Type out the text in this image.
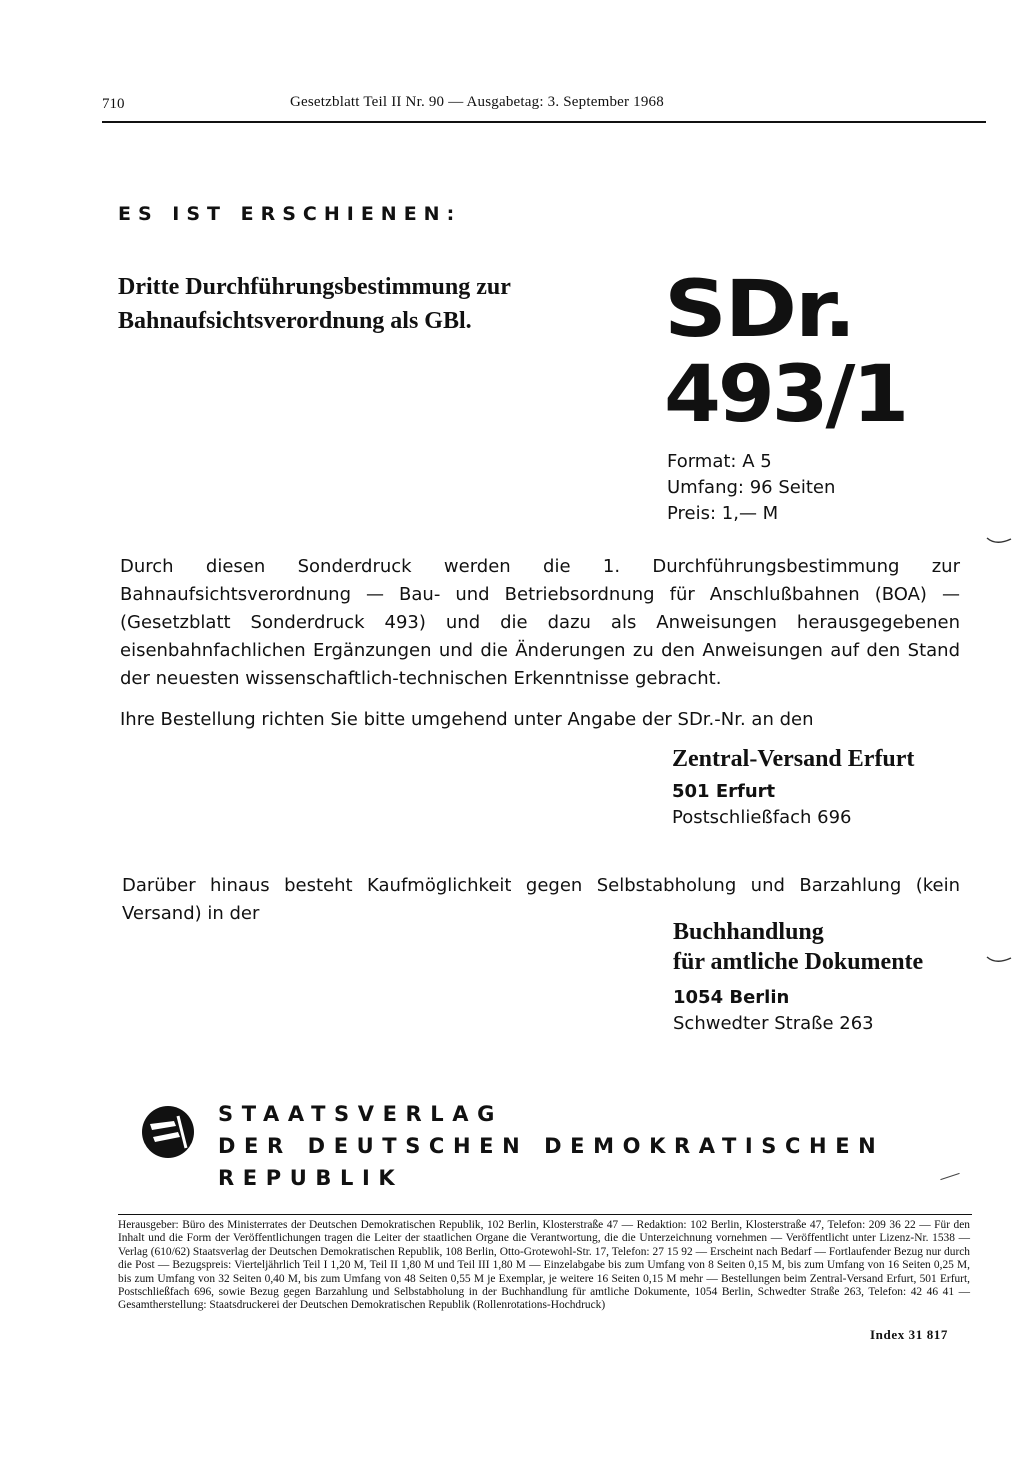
710	Gesetzblatt Teil II Nr. 90 — Ausgabetag: 3. September 1968
ES IST ERSCHIENEN:
Dritte Durchführungsbestimmung zur
Bahnaufsichtsverordnung als GBl.	SDr.
493/1
Format: A 5
Umfang: 96 Seiten
Preis: 1,— M

Durch diesen Sonderdruck werden die 1. Durchführungsbestimmung zur Bahnaufsichtsverordnung — Bau- und Betriebsordnung für Anschlußbahnen (BOA) — (Gesetzblatt Sonderdruck 493) und die dazu als Anweisungen herausgegebenen eisenbahnfachlichen Ergänzungen und die Änderungen zu den Anweisungen auf den Stand der neuesten wissenschaftlich-technischen Erkenntnisse gebracht.

Ihre Bestellung richten Sie bitte umgehend unter Angabe der SDr.-Nr. an den

Zentral-Versand Erfurt
501 Erfurt
Postschließfach 696

Darüber hinaus besteht Kaufmöglichkeit gegen Selbstabholung und Barzahlung (kein Versand) in der

Buchhandlung
für amtliche Dokumente
1054 Berlin
Schwedter Straße 263
STAATSVERLAG
DER DEUTSCHEN DEMOKRATISCHEN REPUBLIK

Herausgeber: Büro des Ministerrates der Deutschen Demokratischen Republik, 102 Berlin, Klosterstraße 47 — Redaktion: 102 Berlin, Klosterstraße 47, Telefon: 209 36 22 — Für den Inhalt und die Form der Veröffentlichungen tragen die Leiter der staatlichen Organe die Verantwortung, die die Unterzeichnung vornehmen — Veröffentlicht unter Lizenz-Nr. 1538 — Verlag (610/62) Staatsverlag der Deutschen Demokratischen Republik, 108 Berlin, Otto-Grotewohl-Str. 17, Telefon: 27 15 92 — Erscheint nach Bedarf — Fortlaufender Bezug nur durch die Post — Bezugspreis: Vierteljährlich Teil I 1,20 M, Teil II 1,80 M und Teil III 1,80 M — Einzelabgabe bis zum Umfang von 8 Seiten 0,15 M, bis zum Umfang von 16 Seiten 0,25 M, bis zum Umfang von 32 Seiten 0,40 M, bis zum Umfang von 48 Seiten 0,55 M je Exemplar, je weitere 16 Seiten 0,15 M mehr — Bestellungen beim Zentral-Versand Erfurt, 501 Erfurt, Postschließfach 696, sowie Bezug gegen Barzahlung und Selbstabholung in der Buchhandlung für amtliche Dokumente, 1054 Berlin, Schwedter Straße 263, Telefon: 42 46 41 — Gesamtherstellung: Staatsdruckerei der Deutschen Demokratischen Republik (Rollenrotations-Hochdruck)

Index 31 817
